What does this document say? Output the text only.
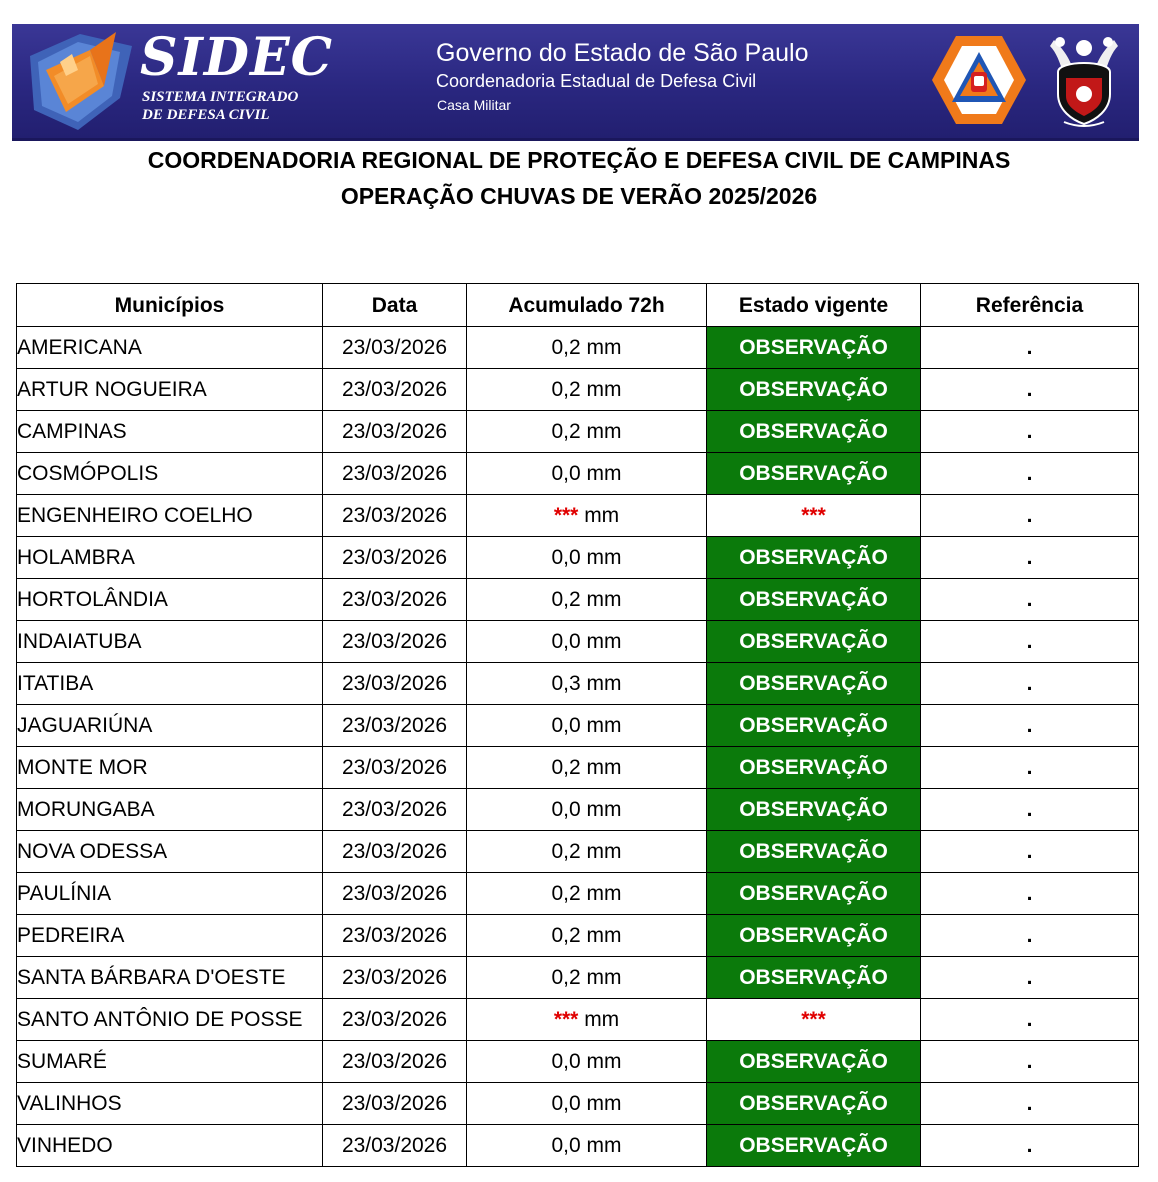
SIDEC
SISTEMA INTEGRADO
DE DEFESA CIVIL
Governo do Estado de São Paulo
Coordenadoria Estadual de Defesa Civil
Casa Militar
COORDENADORIA REGIONAL DE PROTEÇÃO E DEFESA CIVIL DE CAMPINAS
OPERAÇÃO CHUVAS DE VERÃO 2025/2026
Municípios	Data	Acumulado 72h	Estado vigente	Referência
AMERICANA	23/03/2026	0,2 mm	OBSERVAÇÃO	.
ARTUR NOGUEIRA	23/03/2026	0,2 mm	OBSERVAÇÃO	.
CAMPINAS	23/03/2026	0,2 mm	OBSERVAÇÃO	.
COSMÓPOLIS	23/03/2026	0,0 mm	OBSERVAÇÃO	.
ENGENHEIRO COELHO	23/03/2026	*** mm	***	.
HOLAMBRA	23/03/2026	0,0 mm	OBSERVAÇÃO	.
HORTOLÂNDIA	23/03/2026	0,2 mm	OBSERVAÇÃO	.
INDAIATUBA	23/03/2026	0,0 mm	OBSERVAÇÃO	.
ITATIBA	23/03/2026	0,3 mm	OBSERVAÇÃO	.
JAGUARIÚNA	23/03/2026	0,0 mm	OBSERVAÇÃO	.
MONTE MOR	23/03/2026	0,2 mm	OBSERVAÇÃO	.
MORUNGABA	23/03/2026	0,0 mm	OBSERVAÇÃO	.
NOVA ODESSA	23/03/2026	0,2 mm	OBSERVAÇÃO	.
PAULÍNIA	23/03/2026	0,2 mm	OBSERVAÇÃO	.
PEDREIRA	23/03/2026	0,2 mm	OBSERVAÇÃO	.
SANTA BÁRBARA D'OESTE	23/03/2026	0,2 mm	OBSERVAÇÃO	.
SANTO ANTÔNIO DE POSSE	23/03/2026	*** mm	***	.
SUMARÉ	23/03/2026	0,0 mm	OBSERVAÇÃO	.
VALINHOS	23/03/2026	0,0 mm	OBSERVAÇÃO	.
VINHEDO	23/03/2026	0,0 mm	OBSERVAÇÃO	.
